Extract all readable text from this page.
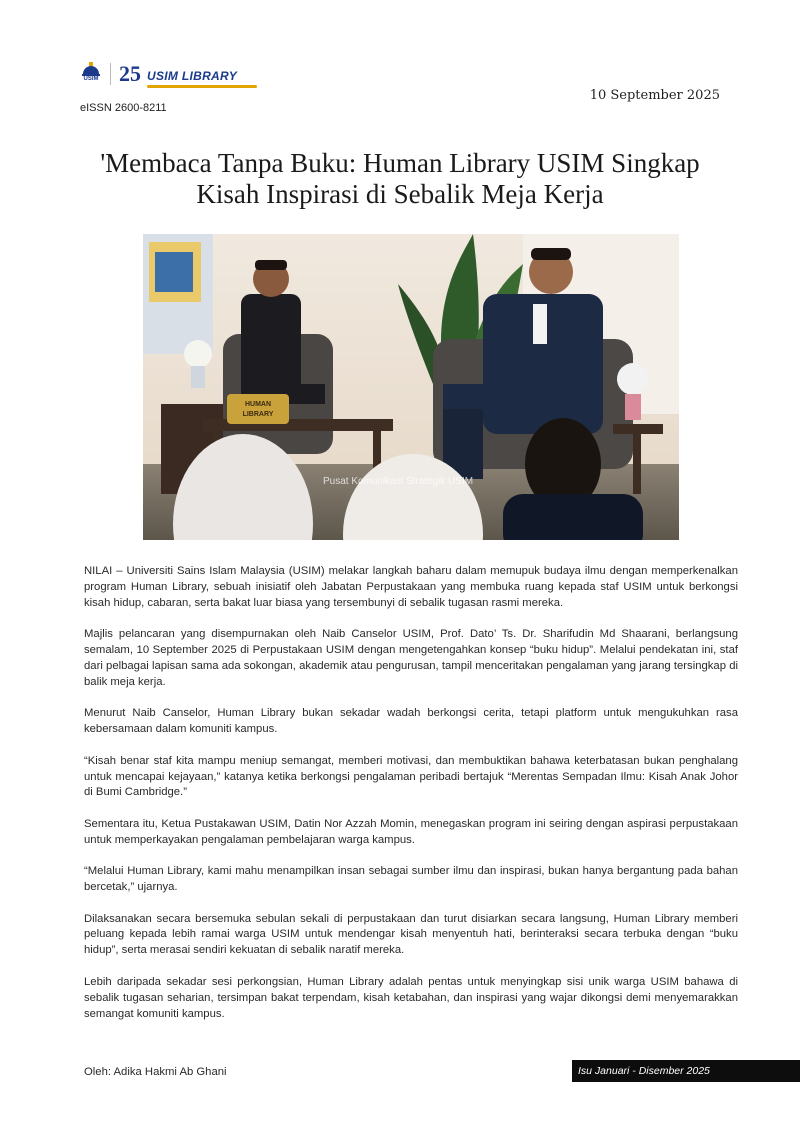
USIM 25 USIM LIBRARY
eISSN 2600-8211
10 September 2025
'Membaca Tanpa Buku: Human Library USIM Singkap Kisah Inspirasi di Sebalik Meja Kerja
HUMAN
LIBRARY
Pusat Komunikasi Strategik USIM

NILAI – Universiti Sains Islam Malaysia (USIM) melakar langkah baharu dalam memupuk budaya ilmu dengan memperkenalkan program Human Library, sebuah inisiatif oleh Jabatan Perpustakaan yang membuka ruang kepada staf USIM untuk berkongsi kisah hidup, cabaran, serta bakat luar biasa yang tersembunyi di sebalik tugasan rasmi mereka.

Majlis pelancaran yang disempurnakan oleh Naib Canselor USIM, Prof. Dato’ Ts. Dr. Sharifudin Md Shaarani, berlangsung semalam, 10 September 2025 di Perpustakaan USIM dengan mengetengahkan konsep “buku hidup”. Melalui pendekatan ini, staf dari pelbagai lapisan sama ada sokongan, akademik atau pengurusan, tampil menceritakan pengalaman yang jarang tersingkap di balik meja kerja.

Menurut Naib Canselor, Human Library bukan sekadar wadah berkongsi cerita, tetapi platform untuk mengukuhkan rasa kebersamaan dalam komuniti kampus.

“Kisah benar staf kita mampu meniup semangat, memberi motivasi, dan membuktikan bahawa keterbatasan bukan penghalang untuk mencapai kejayaan,” katanya ketika berkongsi pengalaman peribadi bertajuk “Merentas Sempadan Ilmu: Kisah Anak Johor di Bumi Cambridge.”

Sementara itu, Ketua Pustakawan USIM, Datin Nor Azzah Momin, menegaskan program ini seiring dengan aspirasi perpustakaan untuk memperkayakan pengalaman pembelajaran warga kampus.

“Melalui Human Library, kami mahu menampilkan insan sebagai sumber ilmu dan inspirasi, bukan hanya bergantung pada bahan bercetak,” ujarnya.

Dilaksanakan secara bersemuka sebulan sekali di perpustakaan dan turut disiarkan secara langsung, Human Library memberi peluang kepada lebih ramai warga USIM untuk mendengar kisah menyentuh hati, berinteraksi secara terbuka dengan “buku hidup”, serta merasai sendiri kekuatan di sebalik naratif mereka.

Lebih daripada sekadar sesi perkongsian, Human Library adalah pentas untuk menyingkap sisi unik warga USIM bahawa di sebalik tugasan seharian, tersimpan bakat terpendam, kisah ketabahan, dan inspirasi yang wajar dikongsi demi menyemarakkan semangat komuniti kampus.

Oleh: Adika Hakmi Ab Ghani	Isu Januari - Disember 2025
